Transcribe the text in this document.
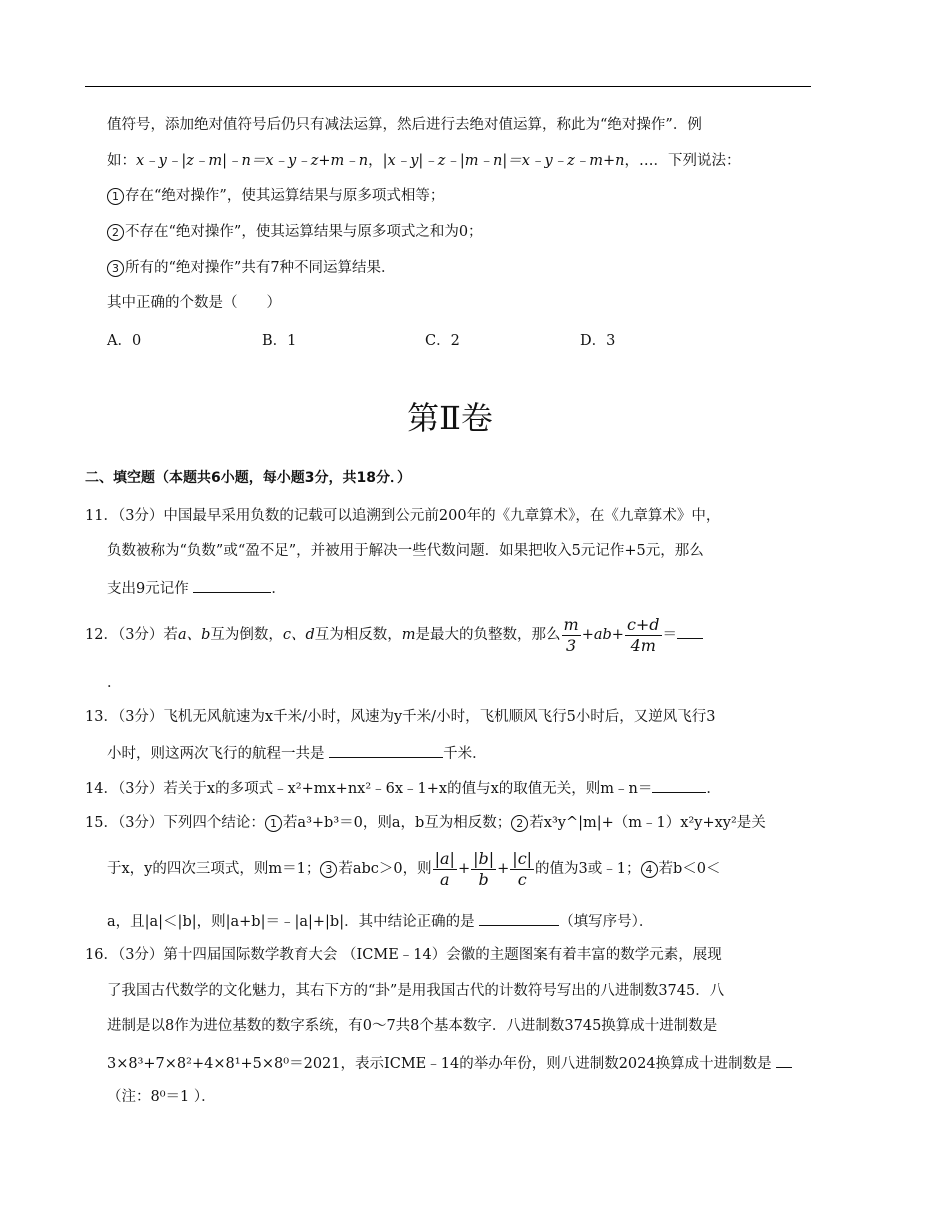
值符号，添加绝对值符号后仍只有减法运算，然后进行去绝对值运算，称此为“绝对操作”．例
如：x﹣y﹣|z﹣m|﹣n＝x﹣y﹣z+m﹣n，|x﹣y|﹣z﹣|m﹣n|＝x﹣y﹣z﹣m+n，…．下列说法：
1 存在“绝对操作”，使其运算结果与原多项式相等；
2 不存在“绝对操作”，使其运算结果与原多项式之和为0；
3 所有的“绝对操作”共有7种不同运算结果．
其中正确的个数是（　　）
A．0	B．1	C．2	D．3
第Ⅱ卷
二、填空题（本题共6小题，每小题3分，共18分．）
11．（3分）中国最早采用负数的记载可以追溯到公元前200年的《九章算术》，在《九章算术》中，
负数被称为“负数”或“盈不足”，并被用于解决一些代数问题．如果把收入5元记作+5元，那么
支出9元记作	．
12．（3分）若a、b互为倒数，c、d互为相反数，m是最大的负整数，那么 $\frac{m}{3} +ab+ \frac{c+d}{4m}$ ＝
．
13．（3分）飞机无风航速为x千米/小时，风速为y千米/小时，飞机顺风飞行5小时后，又逆风飞行3
小时，则这两次飞行的航程一共是	千米．
14．（3分）若关于x的多项式﹣x²+mx+nx²﹣6x﹣1+x的值与x的取值无关，则m﹣n＝	．
15．（3分）下列四个结论： 1 若a³+b³＝0，则a，b互为相反数； 2 若x³y^|m|+（m﹣1）x²y+xy²是关
于x，y的四次三项式，则m＝1； 3 若abc＞0，则 $\frac{|a|}{a} + \frac{|b|}{b} + \frac{|c|}{c}$ 的值为3或﹣1； 4 若b＜0＜
a，且|a|＜|b|，则|a+b|＝﹣|a|+|b|．其中结论正确的是	（填写序号）．
16．（3分）第十四届国际数学教育大会 （ICME﹣14）会徽的主题图案有着丰富的数学元素，展现
了我国古代数学的文化魅力，其右下方的“卦”是用我国古代的计数符号写出的八进制数3745．八
进制是以8作为进位基数的数字系统，有0～7共8个基本数字．八进制数3745换算成十进制数是
3×8³+7×8²+4×8¹+5×8⁰＝2021，表示ICME﹣14的举办年份，则八进制数2024换算成十进制数是
（注：8⁰＝1 ）．
